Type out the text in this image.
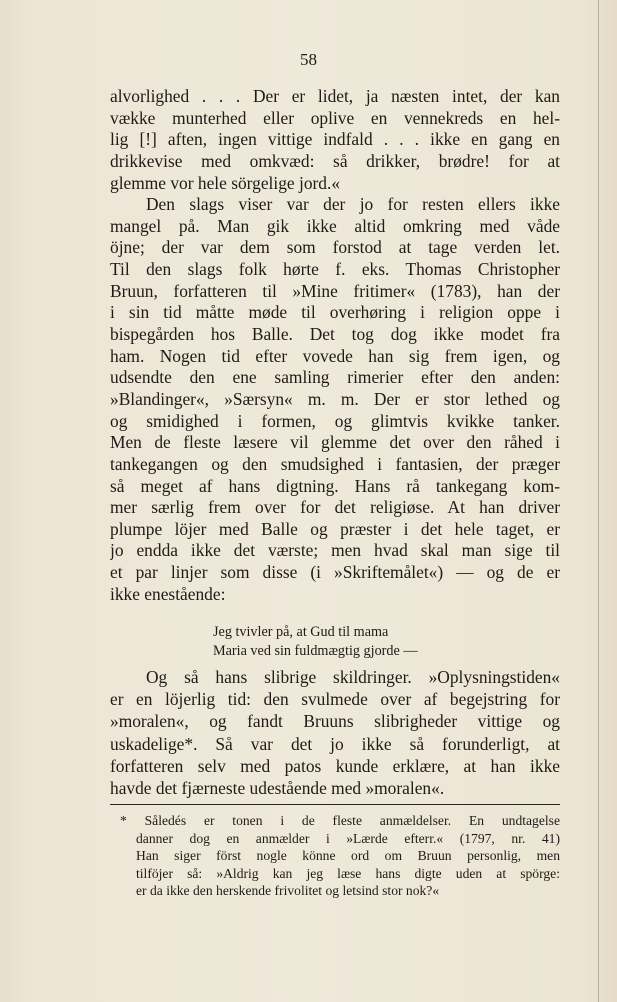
58
alvorlighed . . . Der er lidet, ja næsten intet, der kan
vække munterhed eller oplive en vennekreds en hel-
lig [!] aften, ingen vittige indfald . . . ikke en gang en
drikkevise med omkvæd: så drikker, brødre! for at
glemme vor hele sörgelige jord.«
Den slags viser var der jo for resten ellers ikke
mangel på. Man gik ikke altid omkring med våde
öjne; der var dem som forstod at tage verden let.
Til den slags folk hørte f. eks. Thomas Christopher
Bruun, forfatteren til »Mine fritimer« (1783), han der
i sin tid måtte møde til overhøring i religion oppe i
bispegården hos Balle. Det tog dog ikke modet fra
ham. Nogen tid efter vovede han sig frem igen, og
udsendte den ene samling rimerier efter den anden:
»Blandinger«, »Særsyn« m. m. Der er stor lethed og
og smidighed i formen, og glimtvis kvikke tanker.
Men de fleste læsere vil glemme det over den råhed i
tankegangen og den smudsighed i fantasien, der præger
så meget af hans digtning. Hans rå tankegang kom-
mer særlig frem over for det religiøse. At han driver
plumpe löjer med Balle og præster i det hele taget, er
jo endda ikke det værste; men hvad skal man sige til
et par linjer som disse (i »Skriftemålet«) — og de er
ikke enestående:
Jeg tvivler på, at Gud til mama
Maria ved sin fuldmægtig gjorde —
Og så hans slibrige skildringer. »Oplysningstiden«
er en löjerlig tid: den svulmede over af begejstring for
»moralen«, og fandt Bruuns slibrigheder vittige og
uskadelige*. Så var det jo ikke så forunderligt, at
forfatteren selv med patos kunde erklære, at han ikke
havde det fjærneste udestående med »moralen«.
* Såledés er tonen i de fleste anmældelser. En undtagelse
danner dog en anmælder i »Lærde efterr.« (1797, nr. 41)
Han siger först nogle könne ord om Bruun personlig, men
tilföjer så: »Aldrig kan jeg læse hans digte uden at spörge:
er da ikke den herskende frivolitet og letsind stor nok?«
